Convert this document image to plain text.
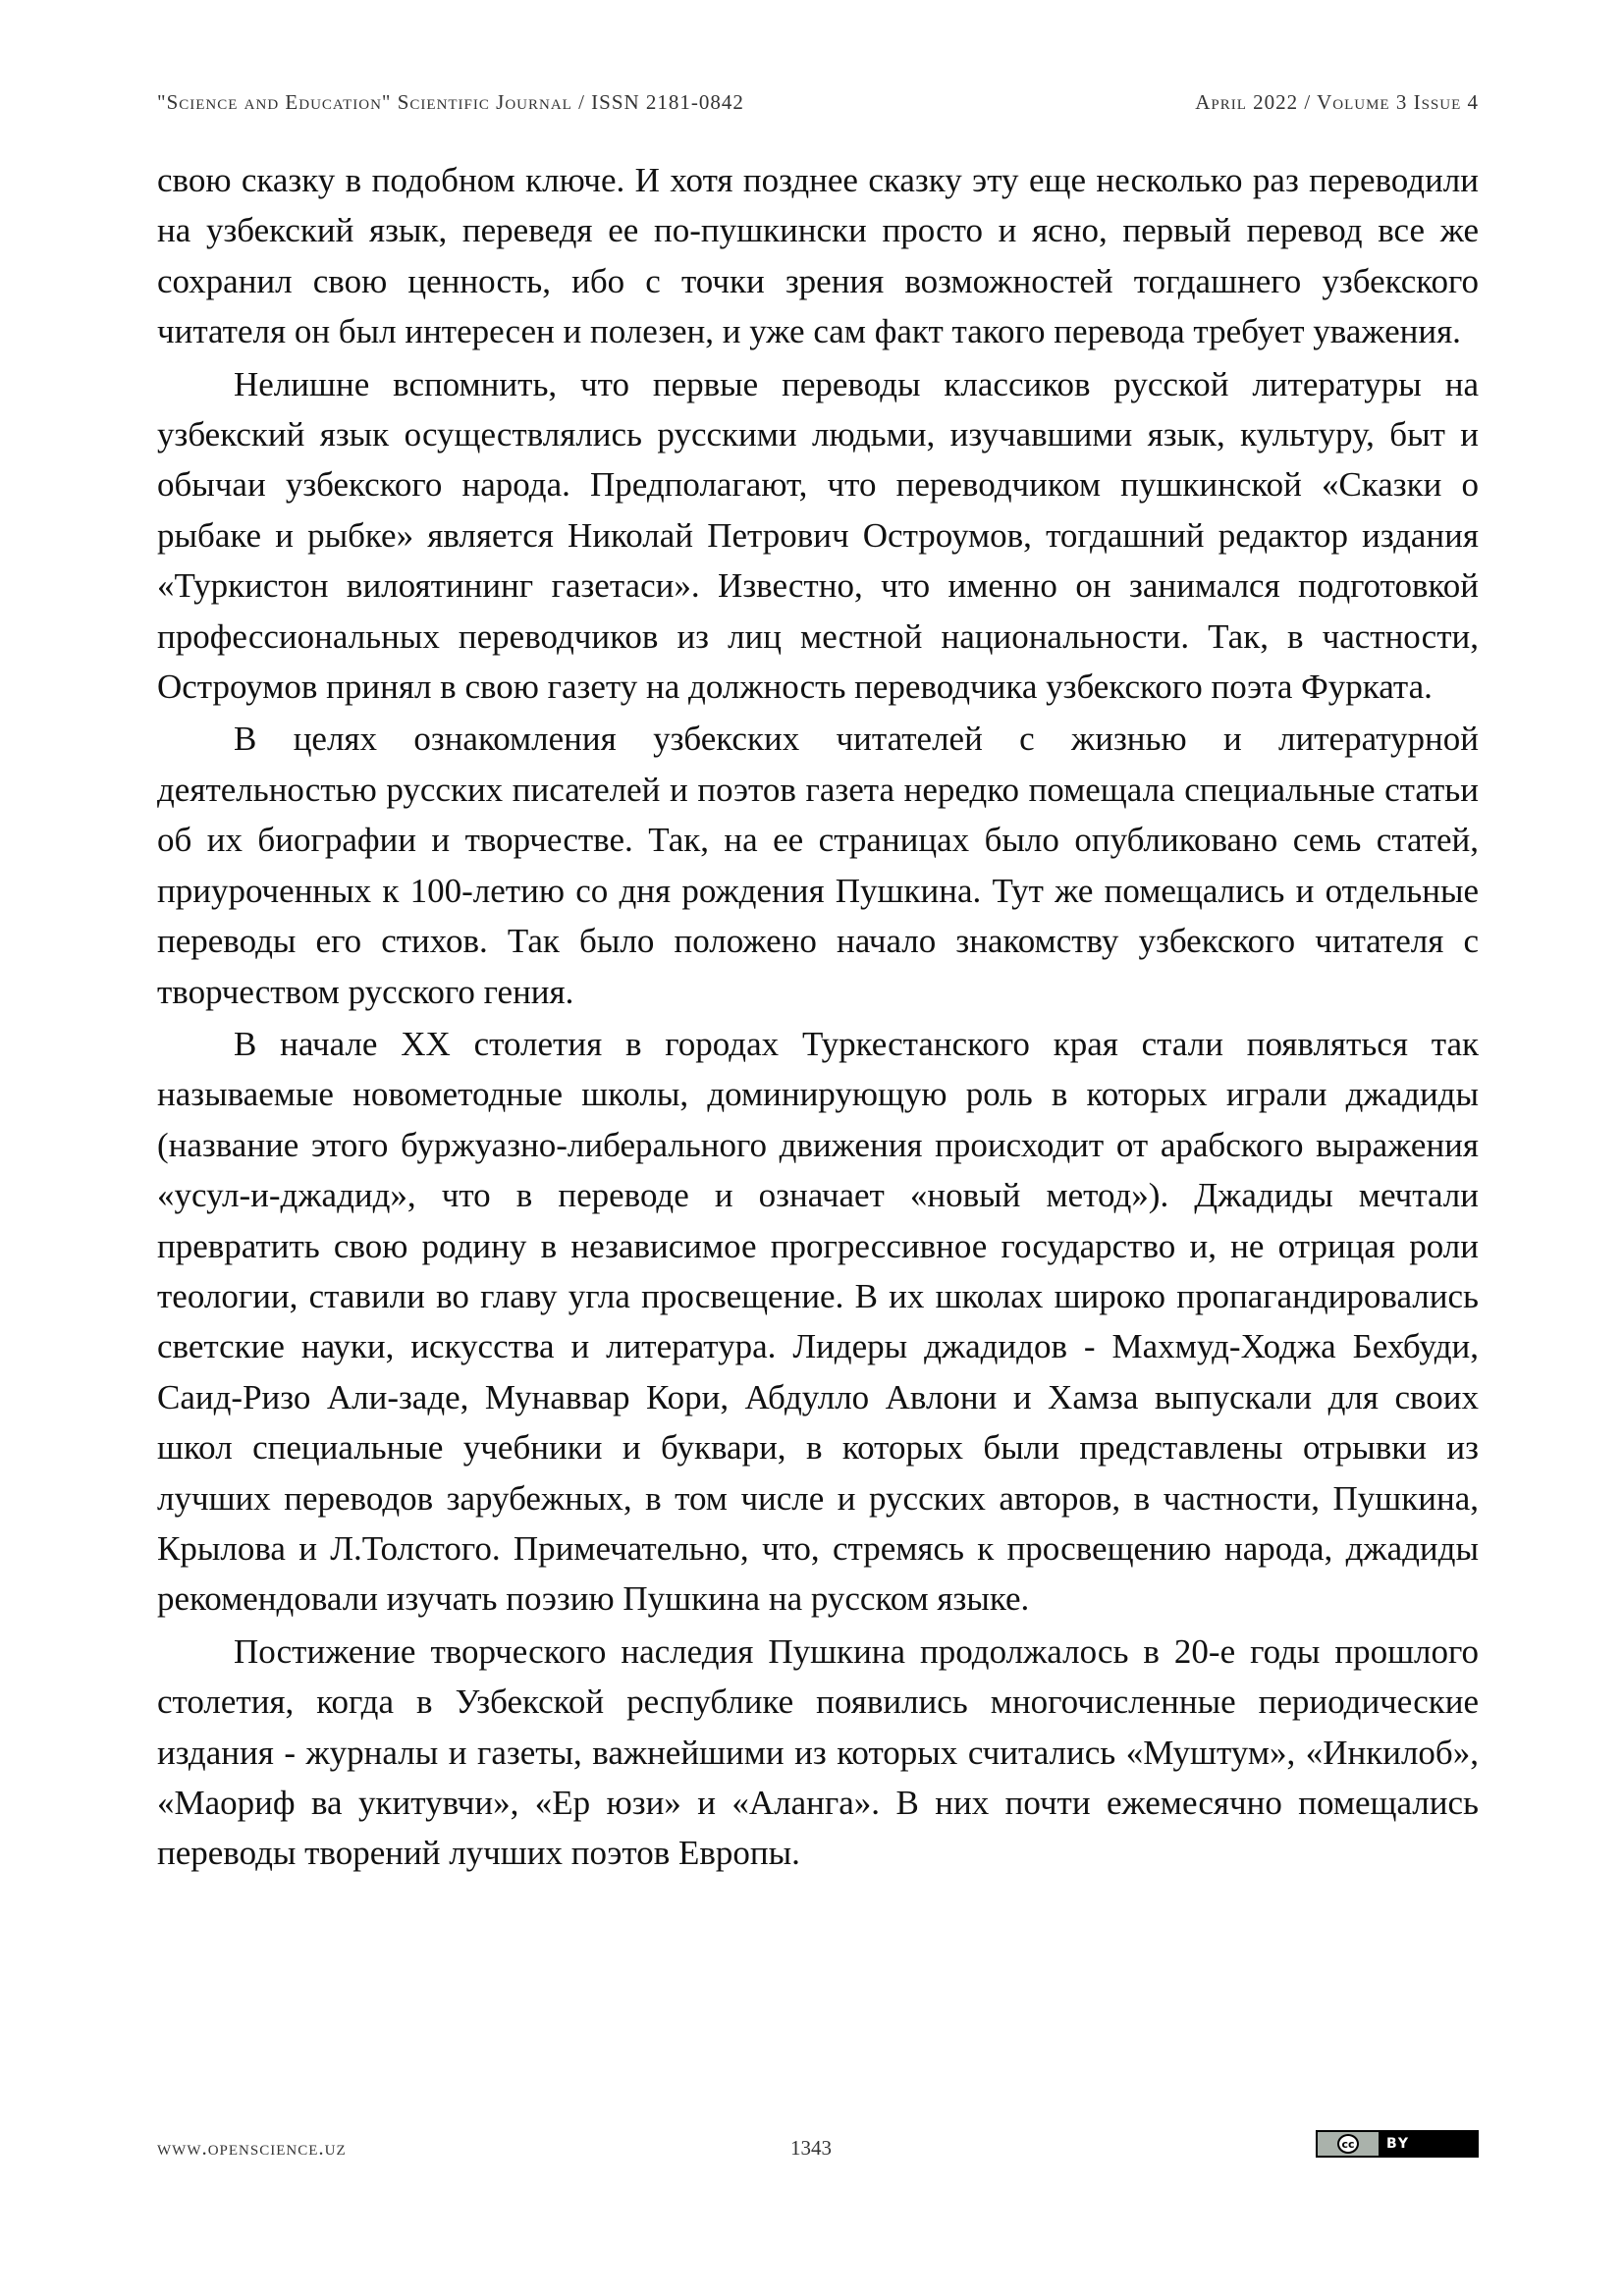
"Science and Education" Scientific Journal / ISSN 2181-0842	April 2022 / Volume 3 Issue 4

свою сказку в подобном ключе. И хотя позднее сказку эту еще несколько раз переводили на узбекский язык, переведя ее по-пушкински просто и ясно, первый перевод все же сохранил свою ценность, ибо с точки зрения возможностей тогдашнего узбекского читателя он был интересен и полезен, и уже сам факт такого перевода требует уважения.

Нелишне вспомнить, что первые переводы классиков русской литературы на узбекский язык осуществлялись русскими людьми, изучавшими язык, культуру, быт и обычаи узбекского народа. Предполагают, что переводчиком пушкинской «Сказки о рыбаке и рыбке» является Николай Петрович Остроумов, тогдашний редактор издания «Туркистон вилоятининг газетаси». Известно, что именно он занимался подготовкой профессиональных переводчиков из лиц местной национальности. Так, в частности, Остроумов принял в свою газету на должность переводчика узбекского поэта Фурката.

В целях ознакомления узбекских читателей с жизнью и литературной деятельностью русских писателей и поэтов газета нередко помещала специальные статьи об их биографии и творчестве. Так, на ее страницах было опубликовано семь статей, приуроченных к 100-летию со дня рождения Пушкина. Тут же помещались и отдельные переводы его стихов. Так было положено начало знакомству узбекского читателя с творчеством русского гения.

В начале XX столетия в городах Туркестанского края стали появляться так называемые новометодные школы, доминирующую роль в которых играли джадиды (название этого буржуазно-либерального движения происходит от арабского выражения «усул-и-джадид», что в переводе и означает «новый метод»). Джадиды мечтали превратить свою родину в независимое прогрессивное государство и, не отрицая роли теологии, ставили во главу угла просвещение. В их школах широко пропагандировались светские науки, искусства и литература. Лидеры джадидов - Махмуд-Ходжа Бехбуди, Саид-Ризо Али-заде, Мунаввар Кори, Абдулло Авлони и Хамза выпускали для своих школ специальные учебники и буквари, в которых были представлены отрывки из лучших переводов зарубежных, в том числе и русских авторов, в частности, Пушкина, Крылова и Л.Толстого. Примечательно, что, стремясь к просвещению народа, джадиды рекомендовали изучать поэзию Пушкина на русском языке.

Постижение творческого наследия Пушкина продолжалось в 20-е годы прошлого столетия, когда в Узбекской республике появились многочисленные периодические издания - журналы и газеты, важнейшими из которых считались «Муштум», «Инкилоб», «Маориф ва укитувчи», «Ер юзи» и «Аланга». В них почти ежемесячно помещались переводы творений лучших поэтов Европы.

www.openscience.uz	1343	cc	BY
